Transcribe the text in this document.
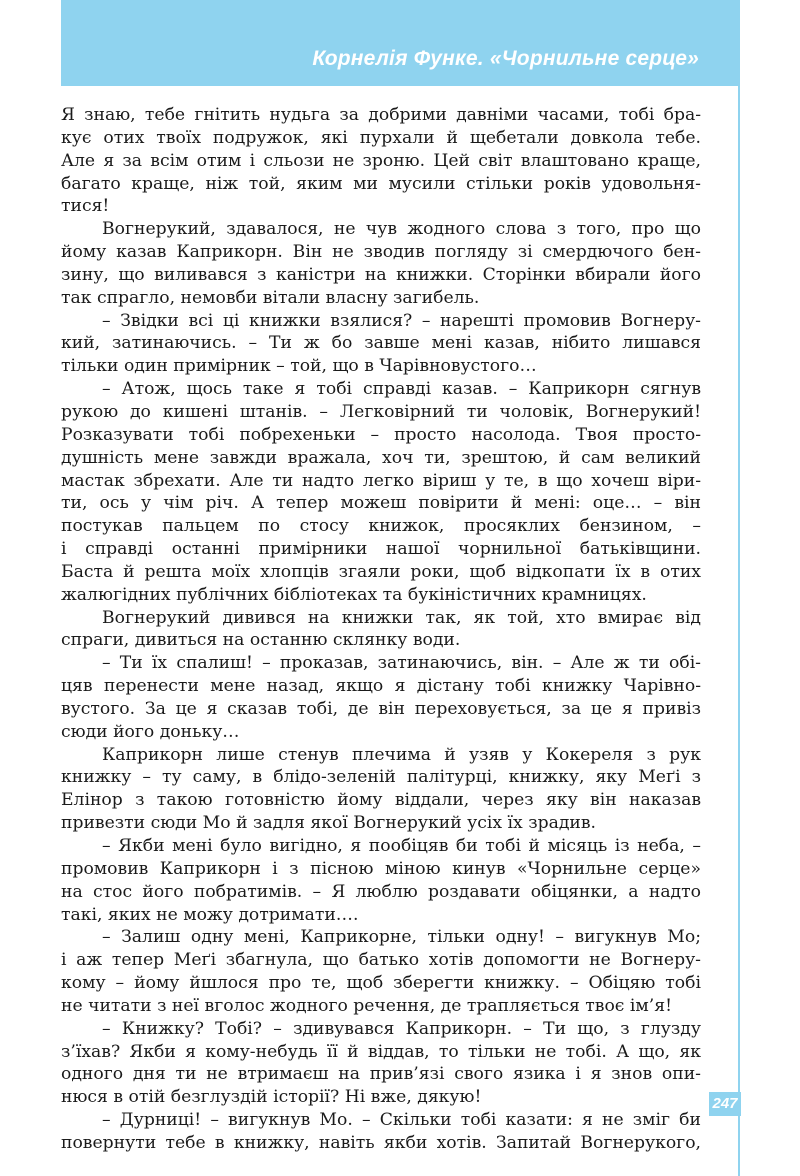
Корнелія Функе. «Чорнильне серце»
Я знаю, тебе гнітить нудьга за добрими давніми часами, тобі бра-
кує отих твоїх подружок, які пурхали й щебетали довкола тебе.
Але я за всім отим і сльози не зроню. Цей світ влаштовано краще,
багато краще, ніж той, яким ми мусили стільки років удовольня-
тися!
Вогнерукий, здавалося, не чув жодного слова з того, про що
йому казав Каприкорн. Він не зводив погляду зі смердючого бен-
зину, що виливався з каністри на книжки. Сторінки вбирали його
так спрагло, немовби вітали власну загибель.
– Звідки всі ці книжки взялися? – нарешті промовив Вогнеру-
кий, затинаючись. – Ти ж бо завше мені казав, нібито лишався
тільки один примірник – той, що в Чарівновустого…
– Атож, щось таке я тобі справді казав. – Каприкорн сягнув
рукою до кишені штанів. – Легковірний ти чоловік, Вогнерукий!
Розказувати тобі побрехеньки – просто насолода. Твоя просто-
душність мене завжди вражала, хоч ти, зрештою, й сам великий
мастак збрехати. Але ти надто легко віриш у те, в що хочеш віри-
ти, ось у чім річ. А тепер можеш повірити й мені: оце… – він
постукав пальцем по стосу книжок, просяклих бензином, –
і справді останні примірники нашої чорнильної батьківщини.
Баста й решта моїх хлопців згаяли роки, щоб відкопати їх в отих
жалюгідних публічних бібліотеках та букіністичних крамницях.
Вогнерукий дивився на книжки так, як той, хто вмирає від
спраги, дивиться на останню склянку води.
– Ти їх спалиш! – проказав, затинаючись, він. – Але ж ти обі-
цяв перенести мене назад, якщо я дістану тобі книжку Чарівно-
вустого. За це я сказав тобі, де він переховується, за це я привіз
сюди його доньку…
Каприкорн лише стенув плечима й узяв у Кокереля з рук
книжку – ту саму, в блідо-зеленій палітурці, книжку, яку Меґі з
Елінор з такою готовністю йому віддали, через яку він наказав
привезти сюди Мо й задля якої Вогнерукий усіх їх зрадив.
– Якби мені було вигідно, я пообіцяв би тобі й місяць із неба, –
промовив Каприкорн і з пісною міною кинув «Чорнильне серце»
на стос його побратимів. – Я люблю роздавати обіцянки, а надто
такі, яких не можу дотримати….
– Залиш одну мені, Каприкорне, тільки одну! – вигукнув Мо;
і аж тепер Меґі збагнула, що батько хотів допомогти не Вогнеру-
кому – йому йшлося про те, щоб зберегти книжку. – Обіцяю тобі
не читати з неї вголос жодного речення, де трапляється твоє ім’я!
– Книжку? Тобі? – здивувався Каприкорн. – Ти що, з глузду
з’їхав? Якби я кому-небудь її й віддав, то тільки не тобі. А що, як
одного дня ти не втримаєш на прив’язі свого язика і я знов опи-
нюся в отій безглуздій історії? Ні вже, дякую!
– Дурниці! – вигукнув Мо. – Скільки тобі казати: я не зміг би
повернути тебе в книжку, навіть якби хотів. Запитай Вогнерукого,
247
